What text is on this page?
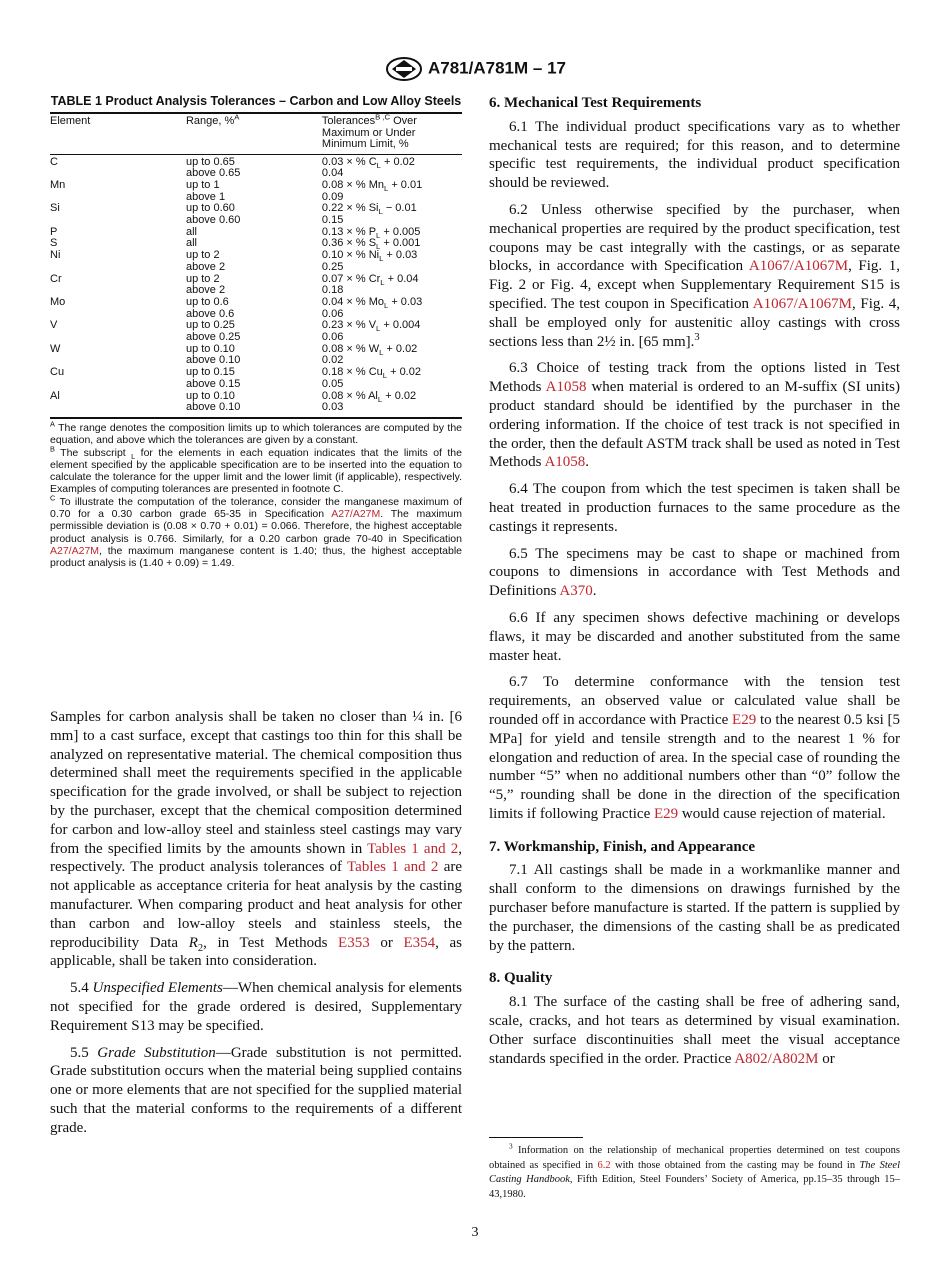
A781/A781M – 17
TABLE 1 Product Analysis Tolerances – Carbon and Low Alloy Steels
Element	Range, %$^A$	Tolerances$^{B ,C}$ Over Maximum or Under Minimum Limit, %
C	up to 0.65	0.03 × % $C_L + 0.02$
	above 0.65	0.04
Mn	up to 1	0.08 × % $Mn_L + 0.01$
	above 1	0.09
Si	up to 0.60	0.22 × % $Si_L - 0.01$
	above 0.60	0.15
P	all	0.13 × % $P_L + 0.005$
S	all	0.36 × % $S_L + 0.001$
Ni	up to 2	0.10 × % $Ni_L + 0.03$
	above 2	0.25
Cr	up to 2	0.07 × % $Cr_L + 0.04$
	above 2	0.18
Mo	up to 0.6	0.04 × % $Mo_L + 0.03$
	above 0.6	0.06
V	up to 0.25	0.23 × % $V_L + 0.004$
	above 0.25	0.06
W	up to 0.10	0.08 × % $W_L + 0.02$
	above 0.10	0.02
Cu	up to 0.15	0.18 × % $Cu_L + 0.02$
	above 0.15	0.05
Al	up to 0.10	0.08 × % $Al_L + 0.02$
	above 0.10	0.03

$^A$ The range denotes the composition limits up to which tolerances are computed by the equation, and above which the tolerances are given by a constant.

$^B$ The subscript $_L$ for the elements in each equation indicates that the limits of the element specified by the applicable specification are to be inserted into the equation to calculate the tolerance for the upper limit and the lower limit (if applicable), respectively. Examples of computing tolerances are presented in footnote C.

$^C$ To illustrate the computation of the tolerance, consider the manganese maximum of 0.70 for a 0.30 carbon grade 65-35 in Specification A27/A27M. The maximum permissible deviation is (0.08 × 0.70 + 0.01) = 0.066. Therefore, the highest acceptable product analysis is 0.766. Similarly, for a 0.20 carbon grade 70-40 in Specification A27/A27M, the maximum manganese content is 1.40; thus, the highest acceptable product analysis is (1.40 + 0.09) = 1.49.

Samples for carbon analysis shall be taken no closer than ¼ in. [6 mm] to a cast surface, except that castings too thin for this shall be analyzed on representative material. The chemical composition thus determined shall meet the requirements specified in the applicable specification for the grade involved, or shall be subject to rejection by the purchaser, except that the chemical composition determined for carbon and low-alloy steel and stainless steel castings may vary from the specified limits by the amounts shown in Tables 1 and 2, respectively. The product analysis tolerances of Tables 1 and 2 are not applicable as acceptance criteria for heat analysis by the casting manufacturer. When comparing product and heat analysis for other than carbon and low-alloy steels and stainless steels, the reproducibility Data $R_2$, in Test Methods E353 or E354, as applicable, shall be taken into consideration.

5.4 Unspecified Elements—When chemical analysis for elements not specified for the grade ordered is desired, Supplementary Requirement S13 may be specified.

5.5 Grade Substitution—Grade substitution is not permitted. Grade substitution occurs when the material being supplied contains one or more elements that are not specified for the supplied material such that the material conforms to the requirements of a different grade.

6. Mechanical Test Requirements

6.1 The individual product specifications vary as to whether mechanical tests are required; for this reason, and to determine specific test requirements, the individual product specification should be reviewed.

6.2 Unless otherwise specified by the purchaser, when mechanical properties are required by the product specification, test coupons may be cast integrally with the castings, or as separate blocks, in accordance with Specification A1067/A1067M, Fig. 1, Fig. 2 or Fig. 4, except when Supplementary Requirement S15 is specified. The test coupon in Specification A1067/A1067M, Fig. 4, shall be employed only for austenitic alloy castings with cross sections less than 2½ in. [65 mm].$^3$

6.3 Choice of testing track from the options listed in Test Methods A1058 when material is ordered to an M-suffix (SI units) product standard should be identified by the purchaser in the ordering information. If the choice of test track is not specified in the order, then the default ASTM track shall be used as noted in Test Methods A1058.

6.4 The coupon from which the test specimen is taken shall be heat treated in production furnaces to the same procedure as the castings it represents.

6.5 The specimens may be cast to shape or machined from coupons to dimensions in accordance with Test Methods and Definitions A370.

6.6 If any specimen shows defective machining or develops flaws, it may be discarded and another substituted from the same master heat.

6.7 To determine conformance with the tension test requirements, an observed value or calculated value shall be rounded off in accordance with Practice E29 to the nearest 0.5 ksi [5 MPa] for yield and tensile strength and to the nearest 1 % for elongation and reduction of area. In the special case of rounding the number “5” when no additional numbers other than “0” follow the “5,” rounding shall be done in the direction of the specification limits if following Practice E29 would cause rejection of material.

7. Workmanship, Finish, and Appearance

7.1 All castings shall be made in a workmanlike manner and shall conform to the dimensions on drawings furnished by the purchaser before manufacture is started. If the pattern is supplied by the purchaser, the dimensions of the casting shall be as predicated by the pattern.

8. Quality

8.1 The surface of the casting shall be free of adhering sand, scale, cracks, and hot tears as determined by visual examination. Other surface discontinuities shall meet the visual acceptance standards specified in the order. Practice A802/A802M or

$^3$ Information on the relationship of mechanical properties determined on test coupons obtained as specified in 6.2 with those obtained from the casting may be found in The Steel Casting Handbook, Fifth Edition, Steel Founders’ Society of America, pp.15–35 through 15–43,1980.

3
